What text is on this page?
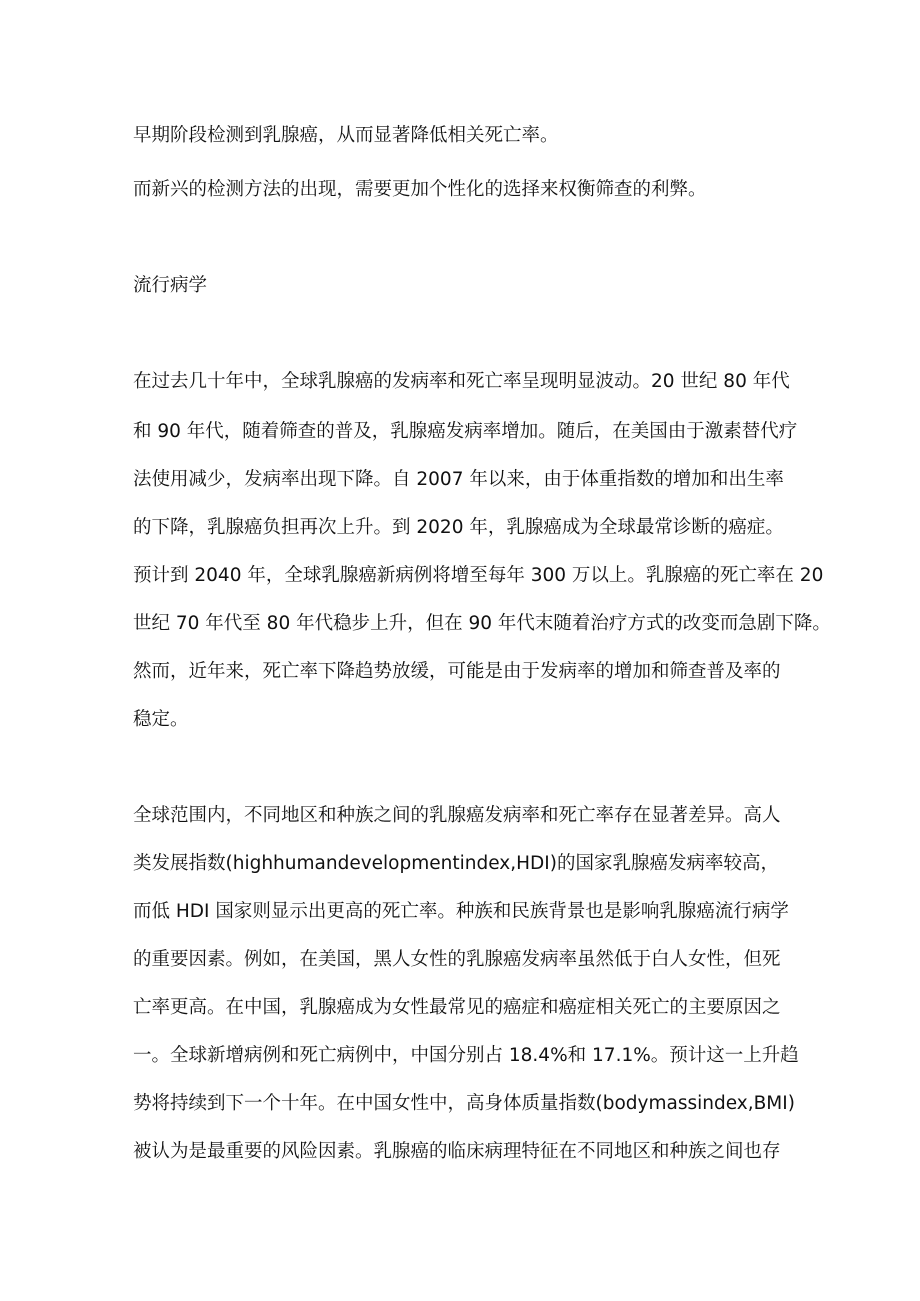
早期阶段检测到乳腺癌，从而显著降低相关死亡率。

而新兴的检测方法的出现，需要更加个性化的选择来权衡筛查的利弊。

流行病学

在过去几十年中，全球乳腺癌的发病率和死亡率呈现明显波动。20 世纪 80 年代

和 90 年代，随着筛查的普及，乳腺癌发病率增加。随后，在美国由于激素替代疗

法使用减少，发病率出现下降。自 2007 年以来，由于体重指数的增加和出生率

的下降，乳腺癌负担再次上升。到 2020 年，乳腺癌成为全球最常诊断的癌症。

预计到 2040 年，全球乳腺癌新病例将增至每年 300 万以上。乳腺癌的死亡率在 20

世纪 70 年代至 80 年代稳步上升，但在 90 年代末随着治疗方式的改变而急剧下降。

然而，近年来，死亡率下降趋势放缓，可能是由于发病率的增加和筛查普及率的

稳定。

全球范围内，不同地区和种族之间的乳腺癌发病率和死亡率存在显著差异。高人

类发展指数(highhumandevelopmentindex,HDI)的国家乳腺癌发病率较高，

而低 HDI 国家则显示出更高的死亡率。种族和民族背景也是影响乳腺癌流行病学

的重要因素。例如，在美国，黑人女性的乳腺癌发病率虽然低于白人女性，但死

亡率更高。在中国，乳腺癌成为女性最常见的癌症和癌症相关死亡的主要原因之

一。全球新增病例和死亡病例中，中国分别占 18.4%和 17.1%。预计这一上升趋

势将持续到下一个十年。在中国女性中，高身体质量指数(bodymassindex,BMI)

被认为是最重要的风险因素。乳腺癌的临床病理特征在不同地区和种族之间也存
